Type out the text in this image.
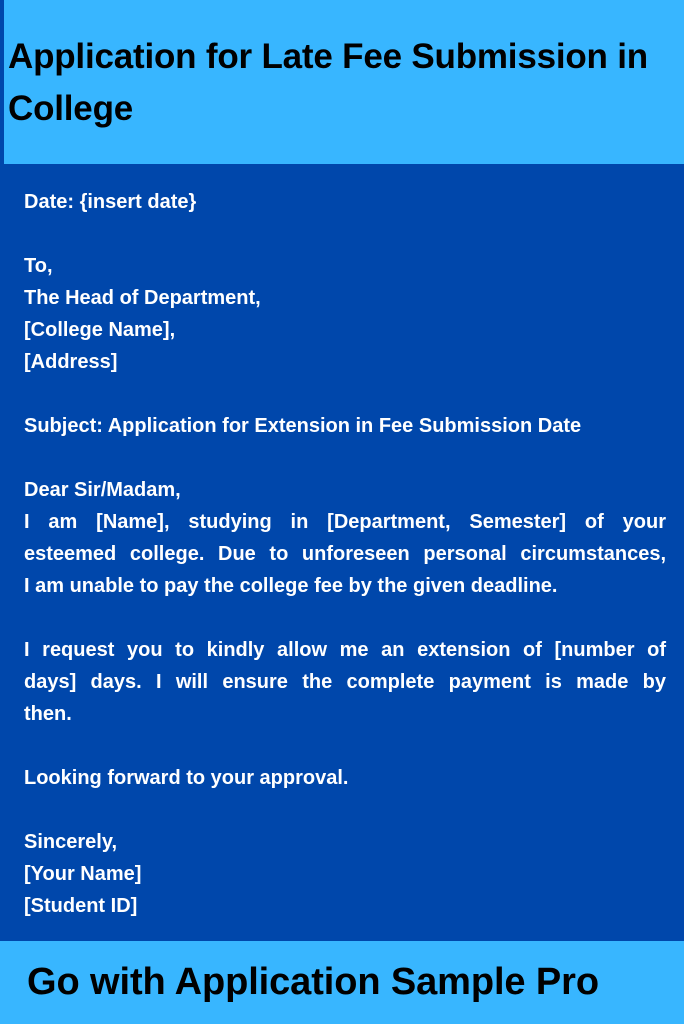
Application for Late Fee Submission in College
Date: {insert date}
To,
The Head of Department,
[College Name],
[Address]
Subject: Application for Extension in Fee Submission Date
Dear Sir/Madam,
I am [Name], studying in [Department, Semester] of your
esteemed college. Due to unforeseen personal circumstances,
I am unable to pay the college fee by the given deadline.
I request you to kindly allow me an extension of [number of
days] days. I will ensure the complete payment is made by
then.
Looking forward to your approval.
Sincerely,
[Your Name]
[Student ID]

Go with Application Sample Pro
